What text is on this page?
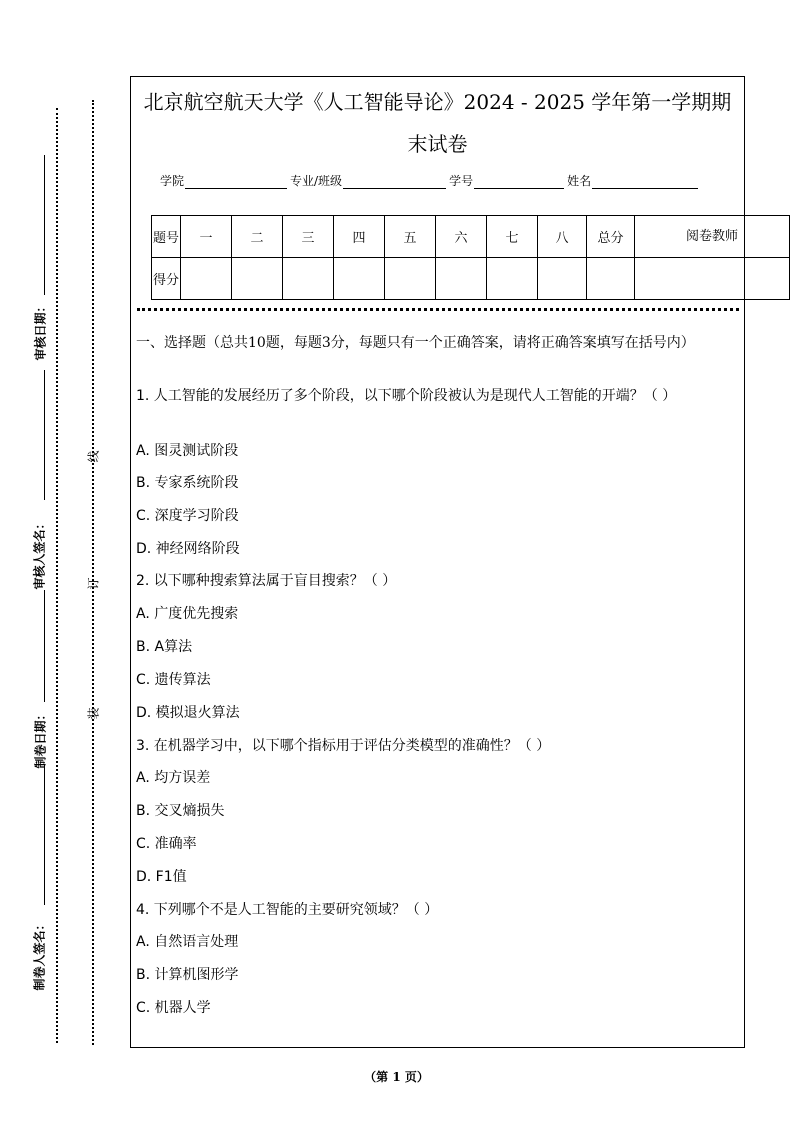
审核日期：
审核人签名：
制卷日期：
制卷人签名：
线
订
装
北京航空航天大学《人工智能导论》2024 - 2025 学年第一学期期
末试卷
学院	专业/班级	学号	姓名
题号	一	二	三	四	五	六	七	八	总分	阅卷教师
得分										
一、选择题（总共10题，每题3分，每题只有一个正确答案，请将正确答案填写在括号内）
1. 人工智能的发展经历了多个阶段，以下哪个阶段被认为是现代人工智能的开端？（ ）
A. 图灵测试阶段
B. 专家系统阶段
C. 深度学习阶段
D. 神经网络阶段
2. 以下哪种搜索算法属于盲目搜索？（ ）
A. 广度优先搜索
B. A算法
C. 遗传算法
D. 模拟退火算法
3. 在机器学习中，以下哪个指标用于评估分类模型的准确性？（ ）
A. 均方误差
B. 交叉熵损失
C. 准确率
D. F1值
4. 下列哪个不是人工智能的主要研究领域？（ ）
A. 自然语言处理
B. 计算机图形学
C. 机器人学
（第 1 页）
